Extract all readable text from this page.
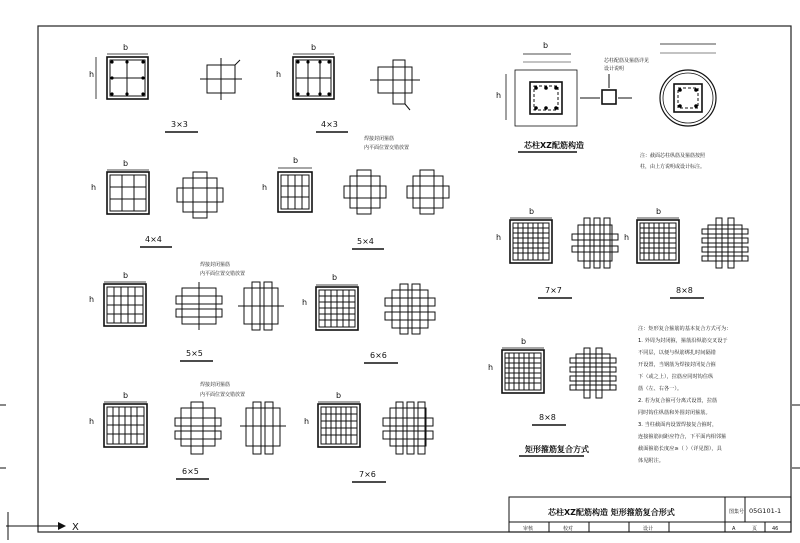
b
h
3×3
b
h
4×3
焊接封闭箍筋
内平面位置交错放置
b
h
4×4
b
h
5×4
焊接封闭箍筋
内平面位置交错放置
b
h
5×5
b
h
6×6
焊接封闭箍筋
内平面位置交错放置
b
h
6×5
b
h
7×6
b
h
芯柱配筋及箍筋详见
设计说明
芯柱XZ配筋构造
注：截面芯柱纵筋及箍筋按照
柱，由上方说明或设计标注。
b
h
7×7
b
h
8×8
b
h
8×8
矩形箍筋复合方式
注：矩形复合箍筋的基本复合方式可为：
1. 外周为封闭箍，箍筋沿纵筋交叉设于
不同层，以便与纵筋绑扎时间隔错
开设置，当钢筋为焊接封闭复合箍
下（或之上），拉筋应同时钩住纵
筋（左、右各一）。
2. 若为复合箍可分离式设置，拉筋
同时钩住纵筋和外围封闭箍筋。
3. 当柱截面内设置焊接复合箍时，
连接箍筋间距应符合，下平面内相邻箍
截面箍筋长度应≥（ ）（详见图），具
体见附注。
芯柱XZ配筋构造 矩形箍筋复合形式	图集号 05G101-1
审核	校对	设计	A	页	46
X
